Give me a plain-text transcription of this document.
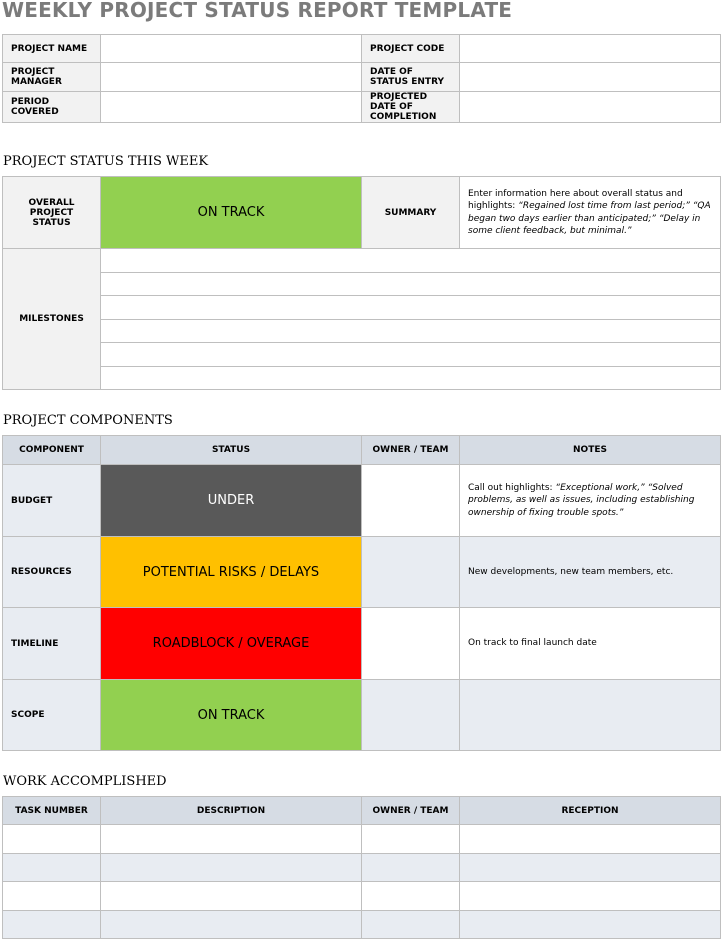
WEEKLY PROJECT STATUS REPORT TEMPLATE
PROJECT NAME		PROJECT CODE	
PROJECT MANAGER		DATE OF STATUS ENTRY	
PERIOD COVERED		PROJECTED DATE OF COMPLETION	
PROJECT STATUS THIS WEEK
OVERALL PROJECT STATUS	ON TRACK	SUMMARY	Enter information here about overall status and highlights: “Regained lost time from last period;” “QA began two days earlier than anticipated;” “Delay in some client feedback, but minimal.”
MILESTONES			

PROJECT COMPONENTS
COMPONENT	STATUS	OWNER / TEAM	NOTES
BUDGET	UNDER		Call out highlights: “Exceptional work,” “Solved problems, as well as issues, including establishing ownership of fixing trouble spots.”
RESOURCES	POTENTIAL RISKS / DELAYS		New developments, new team members, etc.
TIMELINE	ROADBLOCK / OVERAGE		On track to final launch date
SCOPE	ON TRACK		
WORK ACCOMPLISHED
TASK NUMBER	DESCRIPTION	OWNER / TEAM	RECEPTION
